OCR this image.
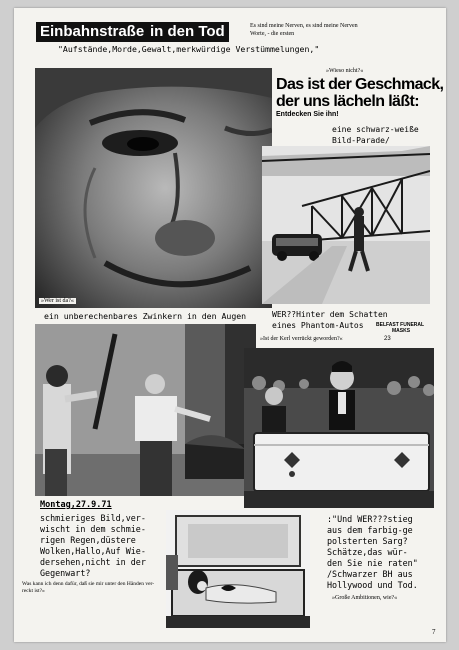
Einbahnstraße in den Tod	Es sind meine Nerven, es sind meine Nerven
Worte, - die ersten
"Aufstände,Morde,Gewalt,merkwürdige Verstümmelungen,"
»Wer ist da?«
»Wieso nicht?«
Das ist der Geschmack,
der uns lächeln läßt:
Entdecken Sie ihn!
eine schwarz-weiße
Bild-Parade/
ein unberechenbares Zwinkern in den Augen	WER??Hinter dem Schatten
eines Phantom-Autos BELFAST FUNERAL
MASKS
»Ist der Kerl verrückt geworden?«	23
Montag,27.9.71
schmieriges Bild,ver-
wischt in dem schmie-
rigen Regen,düstere
Wolken,Hallo,Auf Wie-
dersehen,nicht in der
Gegenwart?
Was kann ich denn dafür, daß sie mir unter den Händen ver-
reckt ist?«
:"Und WER???stieg
aus dem farbig-ge
polsterten Sarg?
Schätze,das wür-
den Sie nie raten"
/Schwarzer BH aus
Hollywood und Tod.
»Große Ambitionen, wie?«
7
